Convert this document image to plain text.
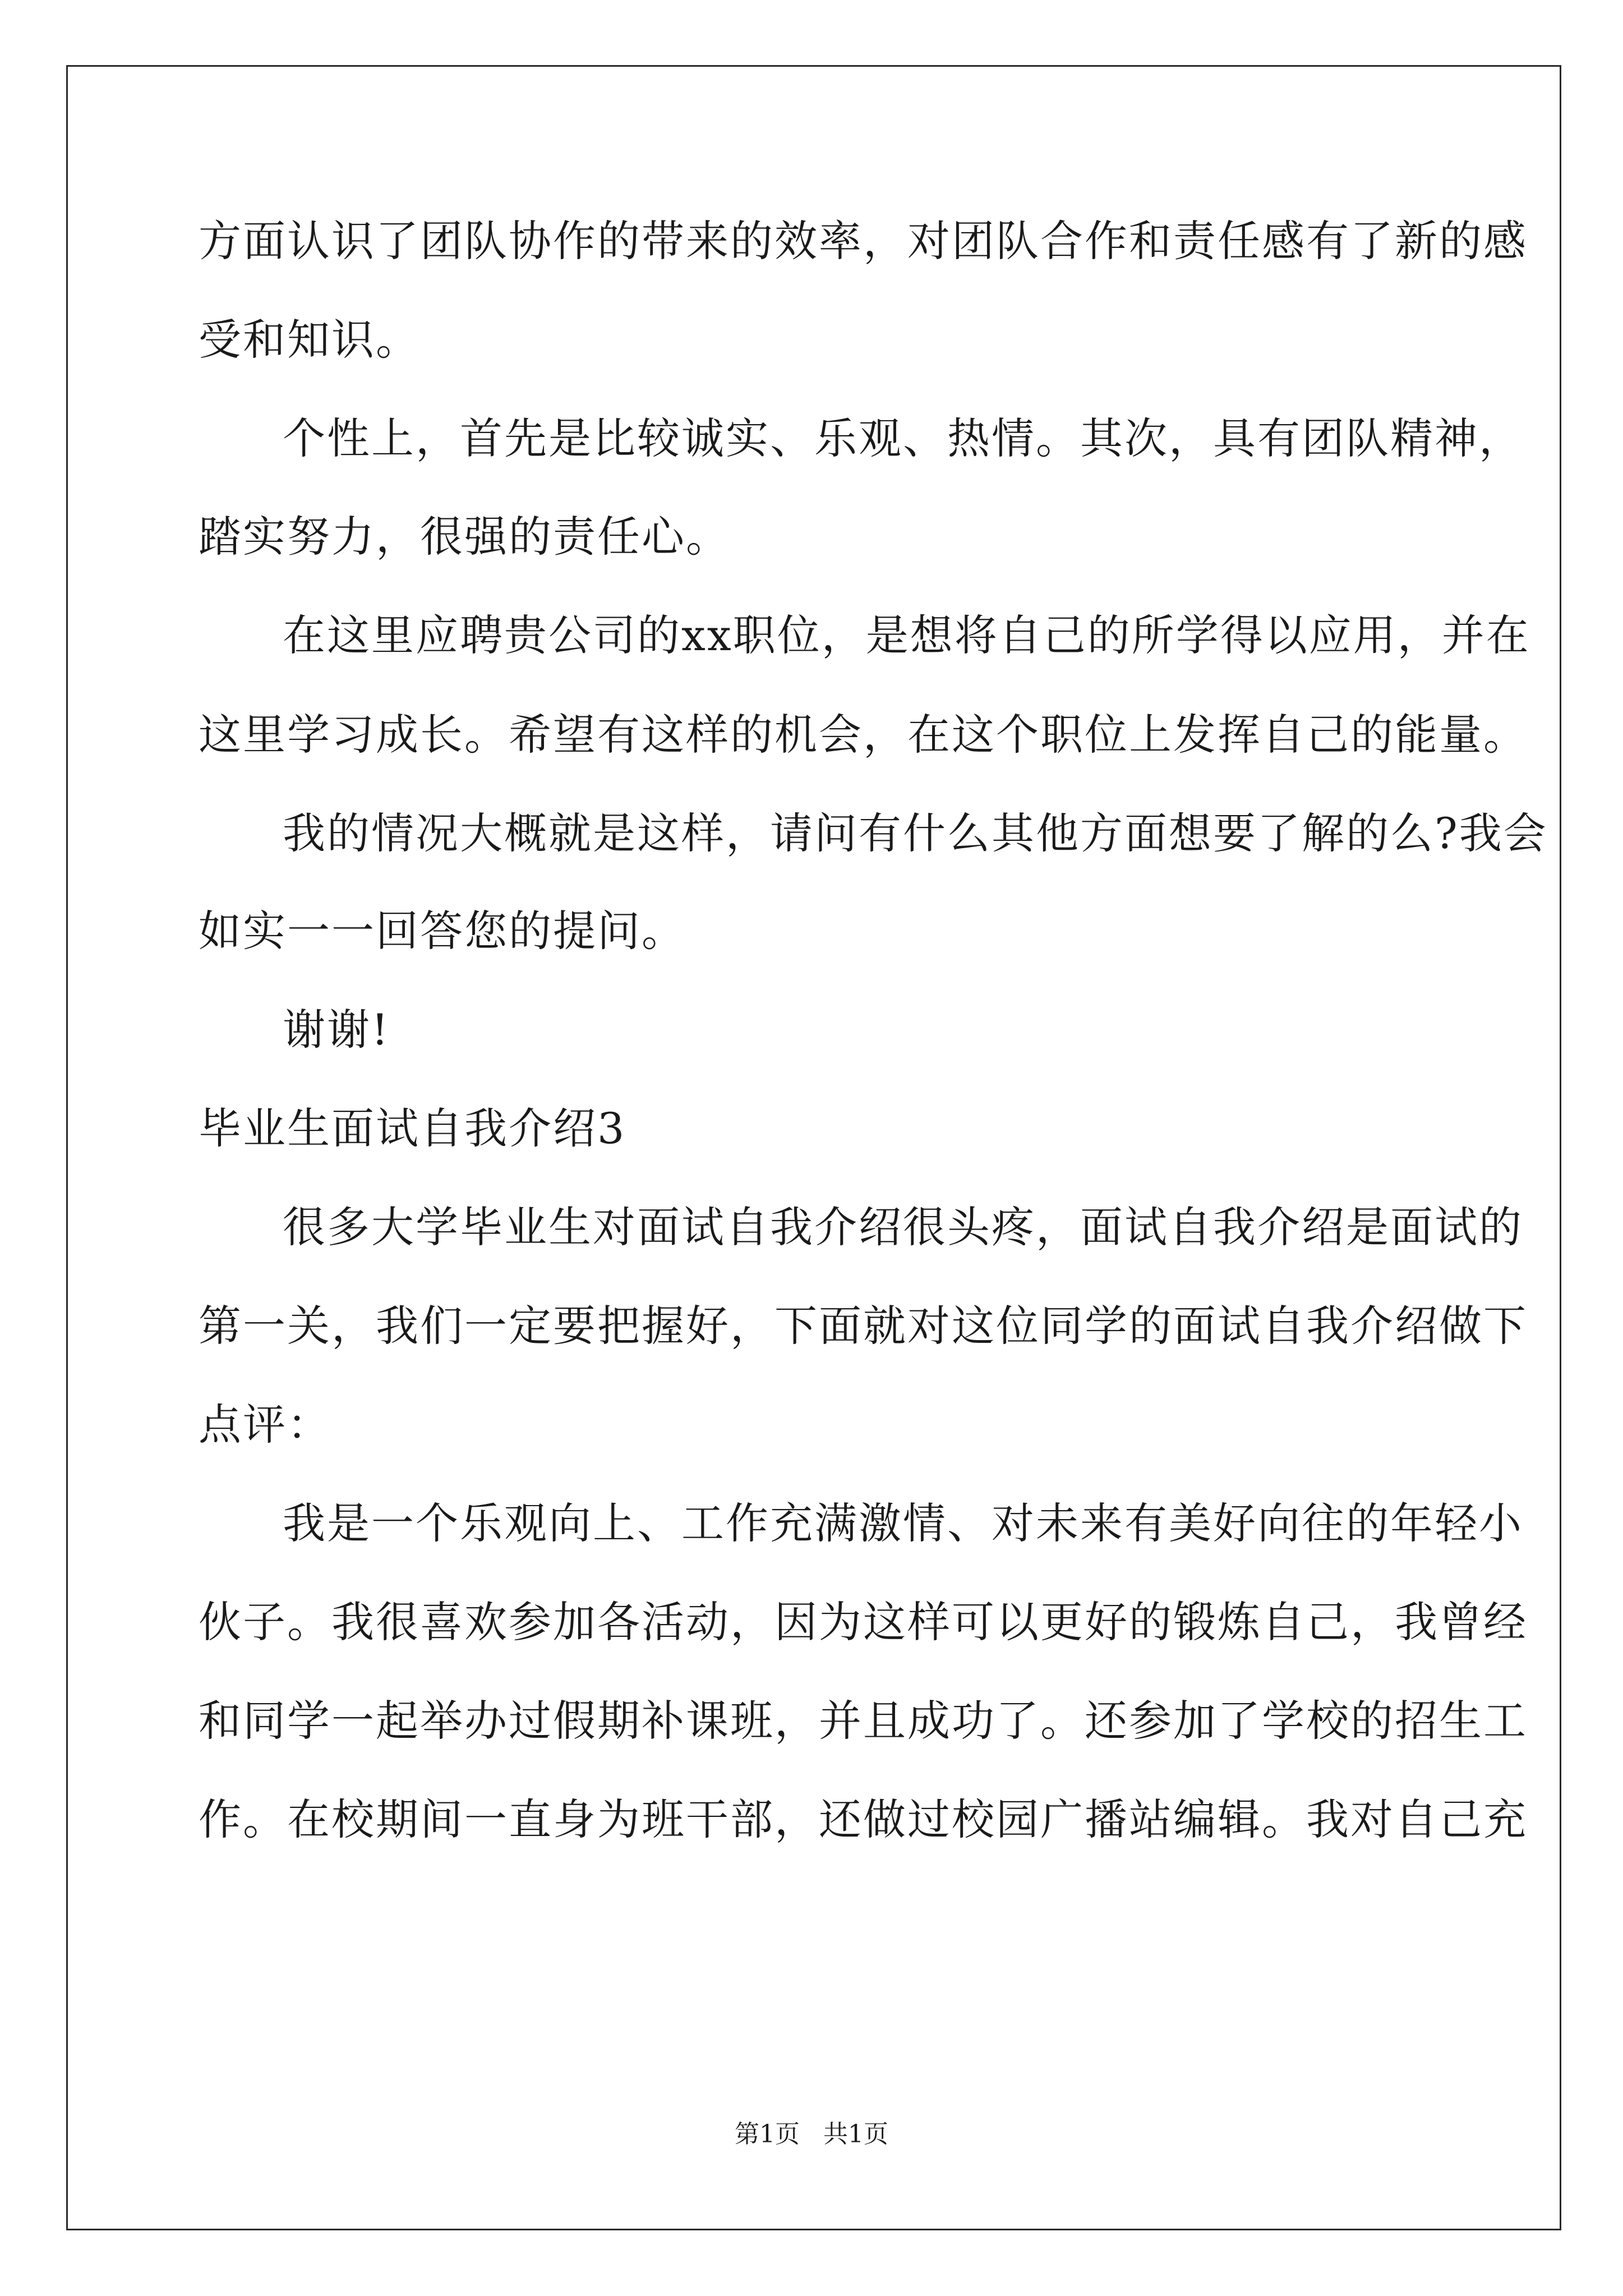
方面认识了团队协作的带来的效率，对团队合作和责任感有了新的感
受和知识。
个性上，首先是比较诚实、乐观、热情。其次，具有团队精神，
踏实努力，很强的责任心。
在这里应聘贵公司的xx职位，是想将自己的所学得以应用，并在
这里学习成长。希望有这样的机会，在这个职位上发挥自己的能量。
我的情况大概就是这样，请问有什么其他方面想要了解的么?我会
如实一一回答您的提问。
谢谢!
毕业生面试自我介绍3
很多大学毕业生对面试自我介绍很头疼，面试自我介绍是面试的
第一关，我们一定要把握好，下面就对这位同学的面试自我介绍做下
点评：
我是一个乐观向上、工作充满激情、对未来有美好向往的年轻小
伙子。我很喜欢参加各活动，因为这样可以更好的锻炼自己，我曾经
和同学一起举办过假期补课班，并且成功了。还参加了学校的招生工
作。在校期间一直身为班干部，还做过校园广播站编辑。我对自己充
第1页 共1页
